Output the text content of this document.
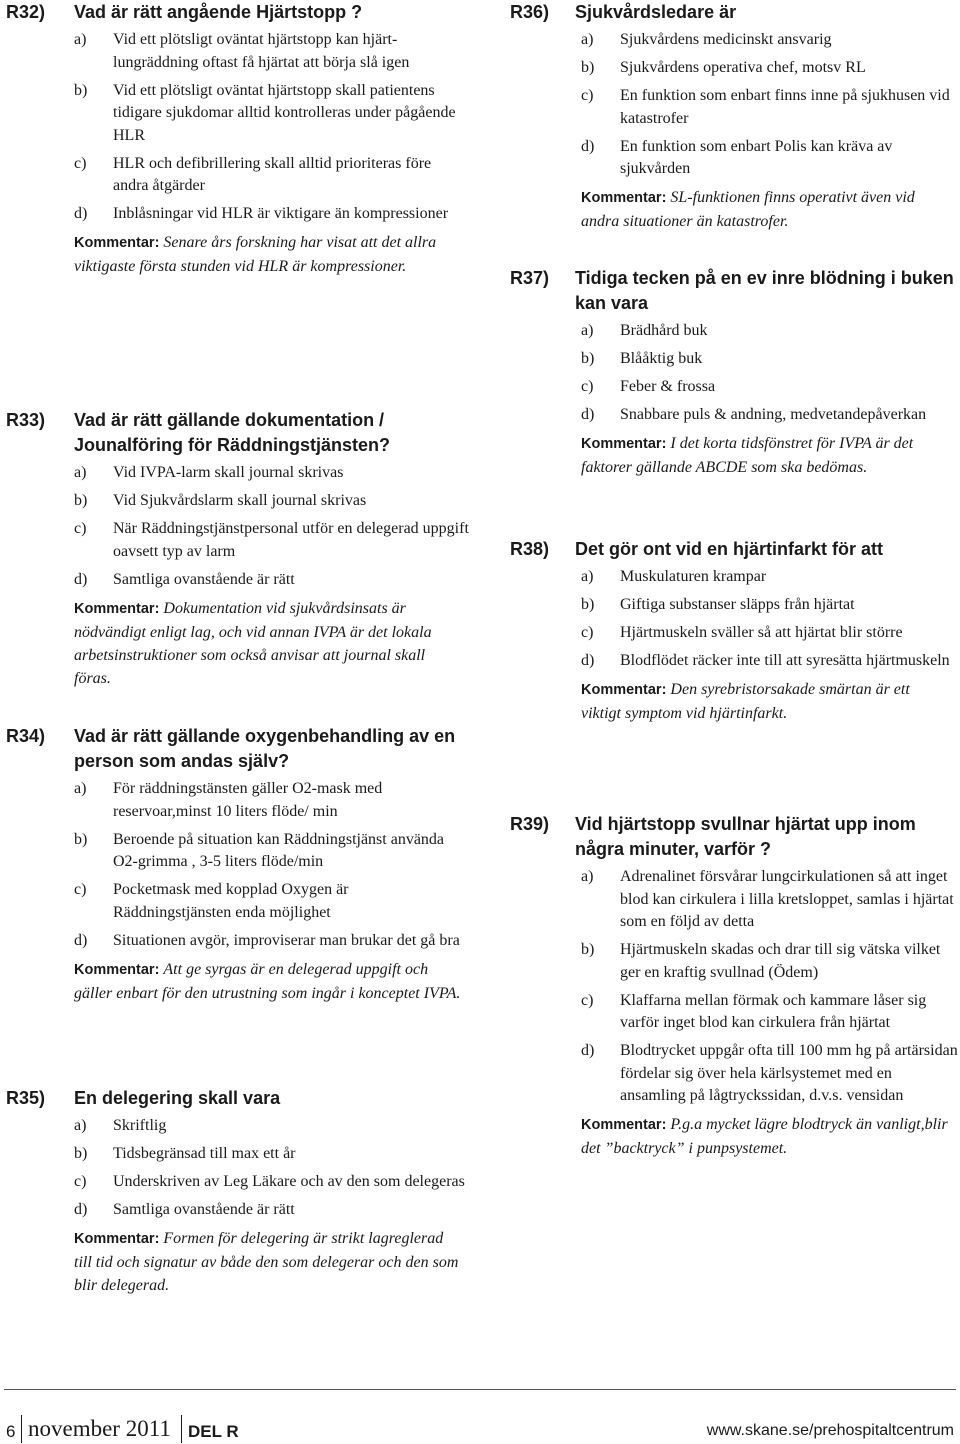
R32) Vad är rätt angående Hjärtstopp ?
a) Vid ett plötsligt oväntat hjärtstopp kan hjärt-lungräddning oftast få hjärtat att börja slå igen
b) Vid ett plötsligt oväntat hjärtstopp skall patientens tidigare sjukdomar alltid kontrolleras under pågående HLR
c) HLR och defibrillering skall alltid prioriteras före andra åtgärder
d) Inblåsningar vid HLR är viktigare än kompressioner
Kommentar: Senare års forskning har visat att det allra viktigaste första stunden vid HLR är kompressioner.
R33) Vad är rätt gällande dokumentation / Jounalföring för Räddningstjänsten?
a) Vid IVPA-larm skall journal skrivas
b) Vid Sjukvårdslarm skall journal skrivas
c) När Räddningstjänstpersonal utför en delegerad uppgift oavsett typ av larm
d) Samtliga ovanstående är rätt
Kommentar: Dokumentation vid sjukvårdsinsats är nödvändigt enligt lag, och vid annan IVPA är det lokala arbetsinstruktioner som också anvisar att journal skall föras.
R34) Vad är rätt gällande oxygenbehandling av en person som andas själv?
a) För räddningstänsten gäller O2-mask med reservoar,minst 10 liters flöde/ min
b) Beroende på situation kan Räddningstjänst använda O2-grimma , 3-5 liters flöde/min
c) Pocketmask med kopplad Oxygen är Räddningstjänsten enda möjlighet
d) Situationen avgör, improviserar man brukar det gå bra
Kommentar: Att ge syrgas är en delegerad uppgift och gäller enbart för den utrustning som ingår i konceptet IVPA.
R35) En delegering skall vara
a) Skriftlig
b) Tidsbegränsad till max ett år
c) Underskriven av Leg Läkare och av den som delegeras
d) Samtliga ovanstående är rätt
Kommentar: Formen för delegering är strikt lagreglerad till tid och signatur av både den som delegerar och den som blir delegerad.
R36) Sjukvårdsledare är
a) Sjukvårdens medicinskt ansvarig
b) Sjukvårdens operativa chef, motsv RL
c) En funktion som enbart finns inne på sjukhusen vid katastrofer
d) En funktion som enbart Polis kan kräva av sjukvården
Kommentar: SL-funktionen finns operativt även vid andra situationer än katastrofer.
R37) Tidiga tecken på en ev inre blödning i buken kan vara
a) Brädhård buk
b) Blååktig buk
c) Feber & frossa
d) Snabbare puls & andning, medvetandepåverkan
Kommentar: I det korta tidsfönstret för IVPA är det faktorer gällande ABCDE som ska bedömas.
R38) Det gör ont vid en hjärtinfarkt för att
a) Muskulaturen krampar
b) Giftiga substanser släpps från hjärtat
c) Hjärtmuskeln sväller så att hjärtat blir större
d) Blodflödet räcker inte till att syresätta hjärtmuskeln
Kommentar: Den syrebristorsakade smärtan är ett viktigt symptom vid hjärtinfarkt.
R39) Vid hjärtstopp svullnar hjärtat upp inom några minuter, varför ?
a) Adrenalinet försvårar lungcirkulationen så att inget blod kan cirkulera i lilla kretsloppet, samlas i hjärtat som en följd av detta
b) Hjärtmuskeln skadas och drar till sig vätska vilket ger en kraftig svullnad (Ödem)
c) Klaffarna mellan förmak och kammare låser sig varför inget blod kan cirkulera från hjärtat
d) Blodtrycket uppgår ofta till 100 mm hg på artärsidan fördelar sig över hela kärlsystemet med en ansamling på lågtryckssidan, d.v.s. vensidan
Kommentar: P.g.a mycket lägre blodtryck än vanligt,blir det ”backtryck” i punpsystemet.
6 november 2011 DEL R	www.skane.se/prehospitaltcentrum
